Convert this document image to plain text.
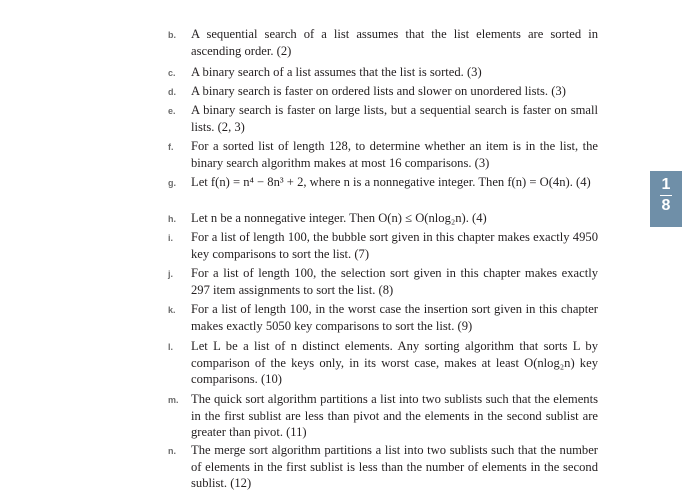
b.	A sequential search of a list assumes that the list elements are sorted in ascending order. (2)
c.	A binary search of a list assumes that the list is sorted. (3)
d.	A binary search is faster on ordered lists and slower on unordered lists. (3)
e.	A binary search is faster on large lists, but a sequential search is faster on small lists. (2, 3)
f.	For a sorted list of length 128, to determine whether an item is in the list, the binary search algorithm makes at most 16 comparisons. (3)
g.	Let f(n) = n⁴ − 8n³ + 2, where n is a nonnegative integer. Then f(n) = O(4n). (4)
h.	Let n be a nonnegative integer. Then O(n) ≤ O(nlog₂n). (4)
i.	For a list of length 100, the bubble sort given in this chapter makes exactly 4950 key comparisons to sort the list. (7)
j.	For a list of length 100, the selection sort given in this chapter makes exactly 297 item assignments to sort the list. (8)
k.	For a list of length 100, in the worst case the insertion sort given in this chapter makes exactly 5050 key comparisons to sort the list. (9)
l.	Let L be a list of n distinct elements. Any sorting algorithm that sorts L by comparison of the keys only, in its worst case, makes at least O(nlog₂n) key comparisons. (10)
m. The quick sort algorithm partitions a list into two sublists such that the elements in the first sublist are less than pivot and the elements in the second sublist are greater than pivot. (11)
n.	The merge sort algorithm partitions a list into two sublists such that the number of elements in the first sublist is less than the number of elements in the second sublist. (12)
1
8
